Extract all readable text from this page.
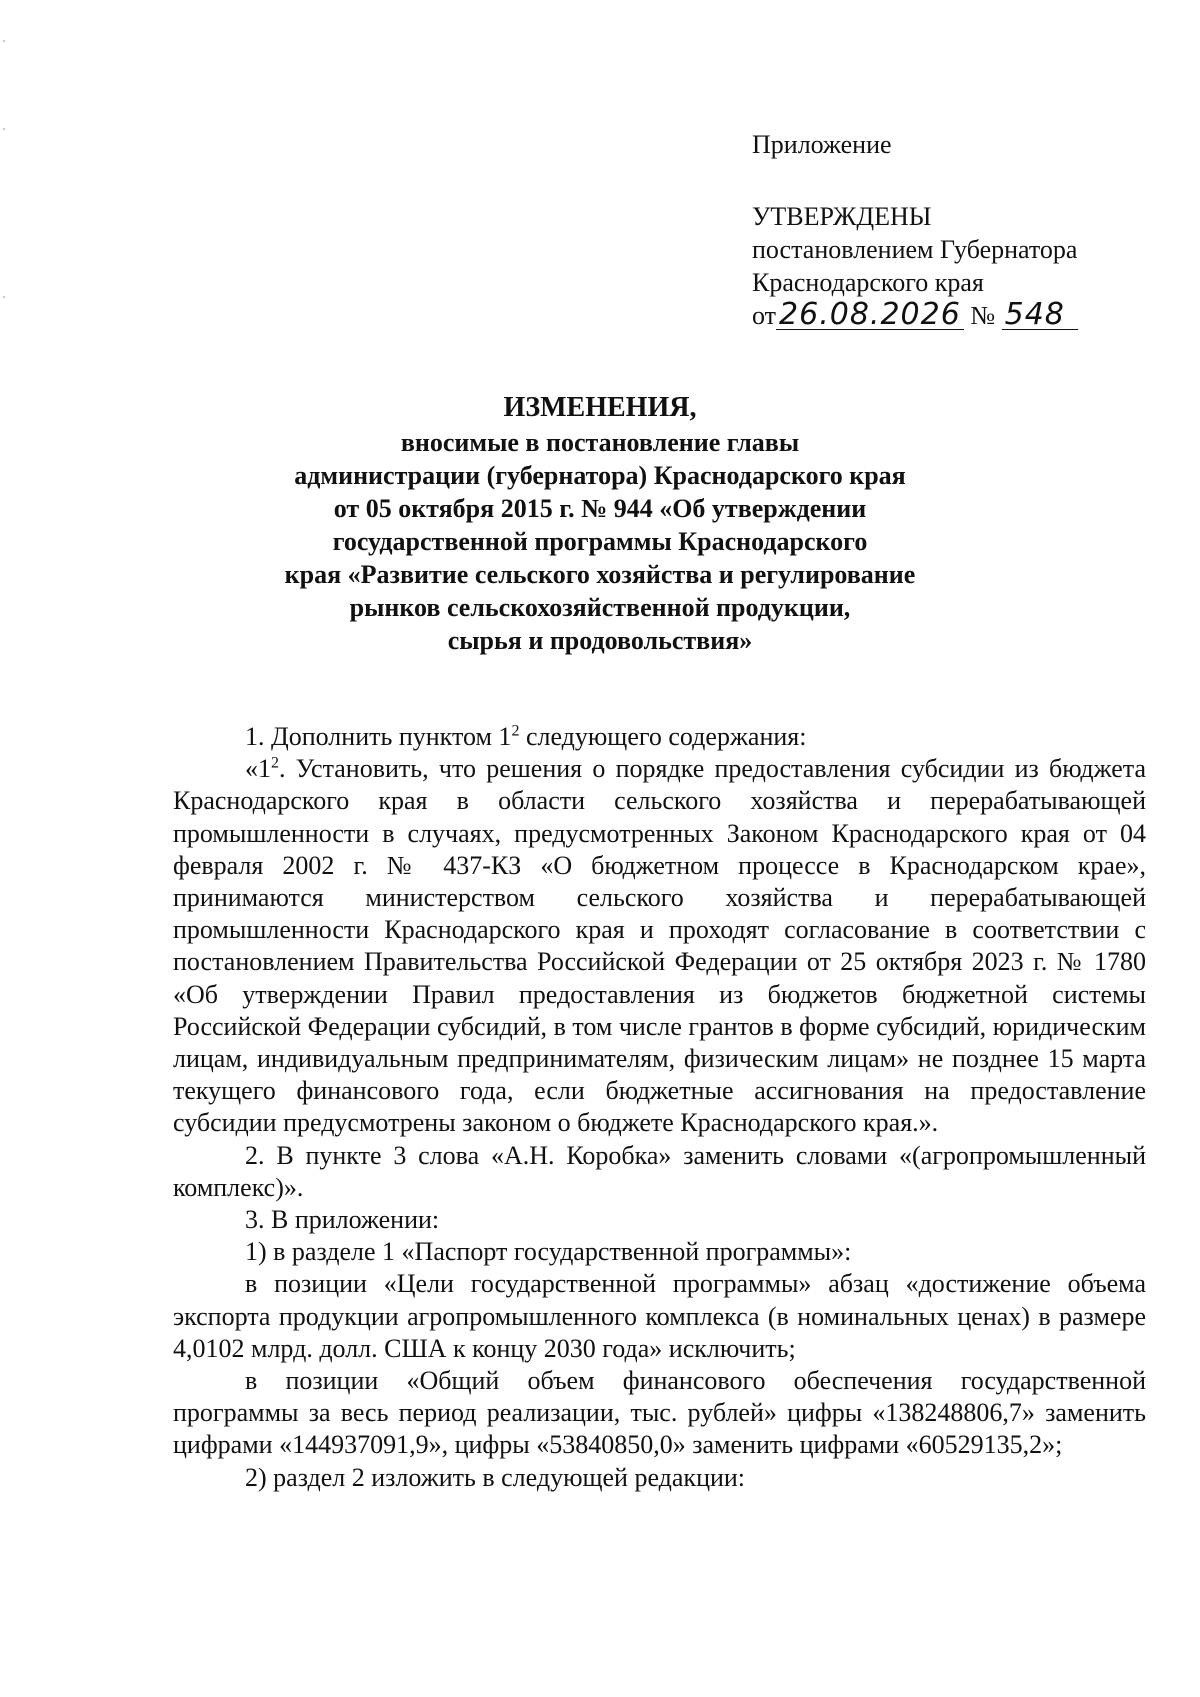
Приложение
УТВЕРЖДЕНЫ
постановлением Губернатора
Краснодарского края
от 26.08.2026 № 548
ИЗМЕНЕНИЯ,
вносимые в постановление главы
администрации (губернатора) Краснодарского края
от 05 октября 2015 г. № 944 «Об утверждении
государственной программы Краснодарского
края «Развитие сельского хозяйства и регулирование
рынков сельскохозяйственной продукции,
сырья и продовольствия»

1. Дополнить пунктом $1^2$ следующего содержания:

«$1^2$. Установить, что решения о порядке предоставления субсидии из бюджета Краснодарского края в области сельского хозяйства и перерабатывающей промышленности в случаях, предусмотренных Законом Краснодарского края от 04 февраля 2002 г. № 437-КЗ «О бюджетном процессе в Краснодарском крае», принимаются министерством сельского хозяйства и перерабатывающей промышленности Краснодарского края и проходят согласование в соответствии с постановлением Правительства Российской Федерации от 25 октября 2023 г. № 1780 «Об утверждении Правил предоставления из бюджетов бюджетной системы Российской Федерации субсидий, в том числе грантов в форме субсидий, юридическим лицам, индивидуальным предпринимателям, физическим лицам» не позднее 15 марта текущего финансового года, если бюджетные ассигнования на предоставление субсидии предусмотрены законом о бюджете Краснодарского края.».

2. В пункте 3 слова «А.Н. Коробка» заменить словами «(агропромышленный комплекс)».

3. В приложении:

1) в разделе 1 «Паспорт государственной программы»:

в позиции «Цели государственной программы» абзац «достижение объема экспорта продукции агропромышленного комплекса (в номинальных ценах) в размере 4,0102 млрд. долл. США к концу 2030 года» исключить;

в позиции «Общий объем финансового обеспечения государственной программы за весь период реализации, тыс. рублей» цифры «138248806,7» заменить цифрами «144937091,9», цифры «53840850,0» заменить цифрами «60529135,2»;

2) раздел 2 изложить в следующей редакции:
